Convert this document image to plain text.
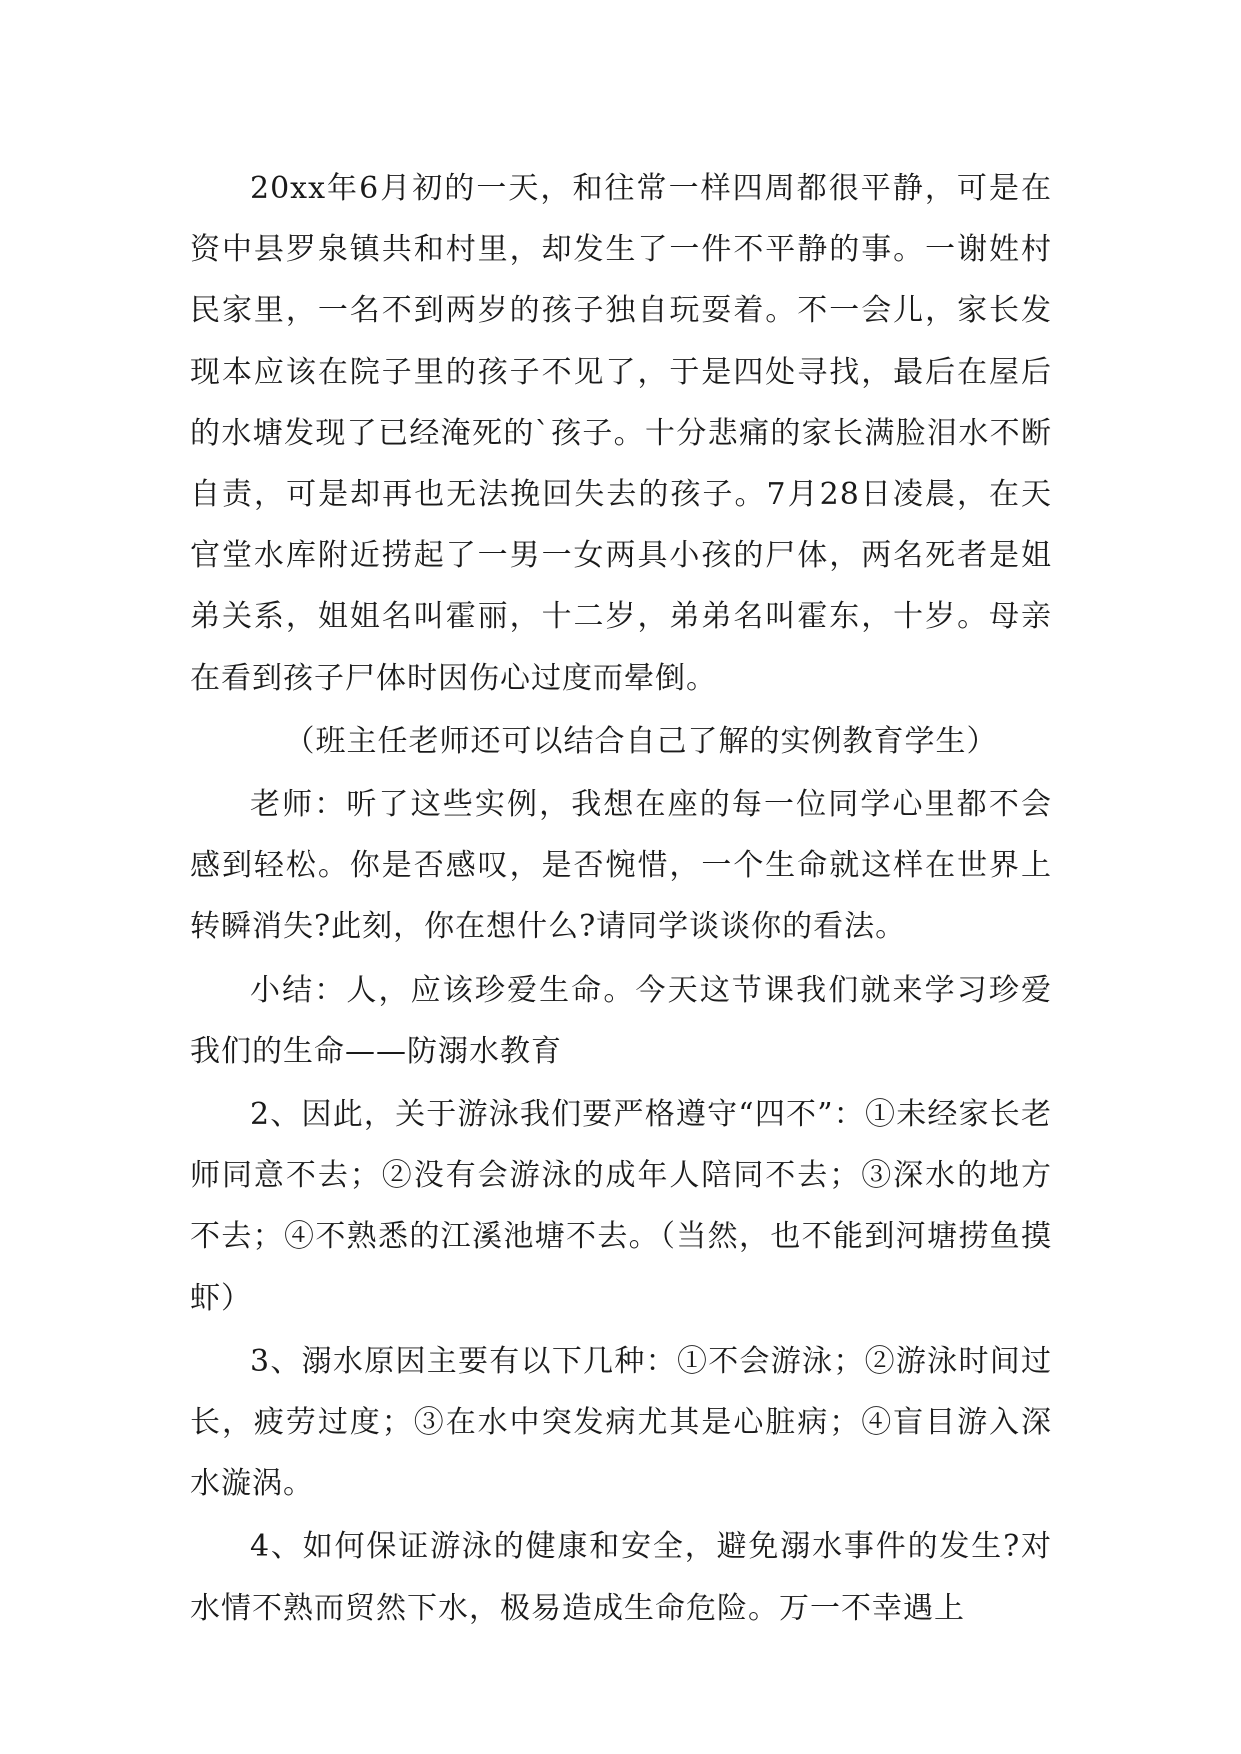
20xx年6月初的一天，和往常一样四周都很平静，可是在资中县罗泉镇共和村里，却发生了一件不平静的事。一谢姓村民家里，一名不到两岁的孩子独自玩耍着。不一会儿，家长发现本应该在院子里的孩子不见了，于是四处寻找，最后在屋后的水塘发现了已经淹死的`孩子。十分悲痛的家长满脸泪水不断自责，可是却再也无法挽回失去的孩子。7月28日凌晨，在天官堂水库附近捞起了一男一女两具小孩的尸体，两名死者是姐弟关系，姐姐名叫霍丽，十二岁，弟弟名叫霍东，十岁。母亲在看到孩子尸体时因伤心过度而晕倒。

（班主任老师还可以结合自己了解的实例教育学生）

老师：听了这些实例，我想在座的每一位同学心里都不会感到轻松。你是否感叹，是否惋惜，一个生命就这样在世界上转瞬消失?此刻，你在想什么?请同学谈谈你的看法。

小结：人，应该珍爱生命。今天这节课我们就来学习珍爱我们的生命——防溺水教育

2、因此，关于游泳我们要严格遵守“四不”：①未经家长老师同意不去；②没有会游泳的成年人陪同不去；③深水的地方不去；④不熟悉的江溪池塘不去。（当然，也不能到河塘捞鱼摸虾）

3、溺水原因主要有以下几种：①不会游泳；②游泳时间过长，疲劳过度；③在水中突发病尤其是心脏病；④盲目游入深水漩涡。

4、如何保证游泳的健康和安全，避免溺水事件的发生?对水情不熟而贸然下水，极易造成生命危险。万一不幸遇上
